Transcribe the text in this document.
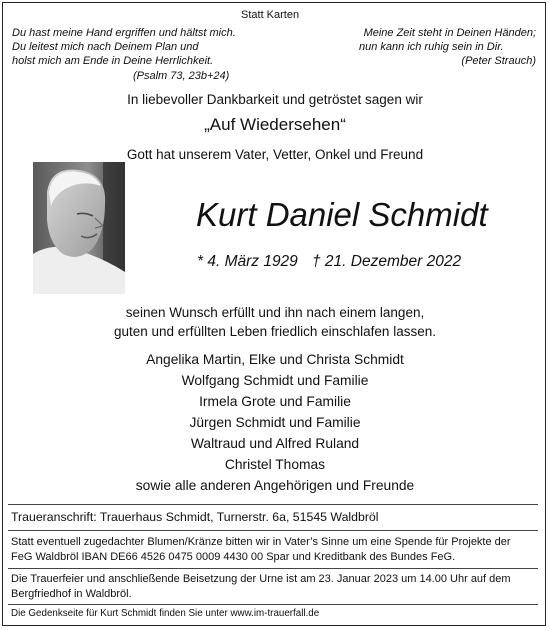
Statt Karten
Du hast meine Hand ergriffen und hältst mich.
Du leitest mich nach Deinem Plan und
holst mich am Ende in Deine Herrlichkeit.
(Psalm 73, 23b+24)
Meine Zeit steht in Deinen Händen;
nun kann ich ruhig sein in Dir.
(Peter Strauch)
In liebevoller Dankbarkeit und getröstet sagen wir
„Auf Wiedersehen“
Gott hat unserem Vater, Vetter, Onkel und Freund
Kurt Daniel Schmidt
* 4. März 1929 † 21. Dezember 2022
seinen Wunsch erfüllt und ihn nach einem langen,
guten und erfüllten Leben friedlich einschlafen lassen.
Angelika Martin, Elke und Christa Schmidt
Wolfgang Schmidt und Familie
Irmela Grote und Familie
Jürgen Schmidt und Familie
Waltraud und Alfred Ruland
Christel Thomas
sowie alle anderen Angehörigen und Freunde
Traueranschrift: Trauerhaus Schmidt, Turnerstr. 6a, 51545 Waldbröl
Statt eventuell zugedachter Blumen/Kränze bitten wir in Vater’s Sinne um eine Spende für Projekte der
FeG Waldbröl IBAN DE66 4526 0475 0009 4430 00 Spar und Kreditbank des Bundes FeG.
Die Trauerfeier und anschließende Beisetzung der Urne ist am 23. Januar 2023 um 14.00 Uhr auf dem
Bergfriedhof in Waldbröl.
Die Gedenkseite für Kurt Schmidt finden Sie unter www.im-trauerfall.de
